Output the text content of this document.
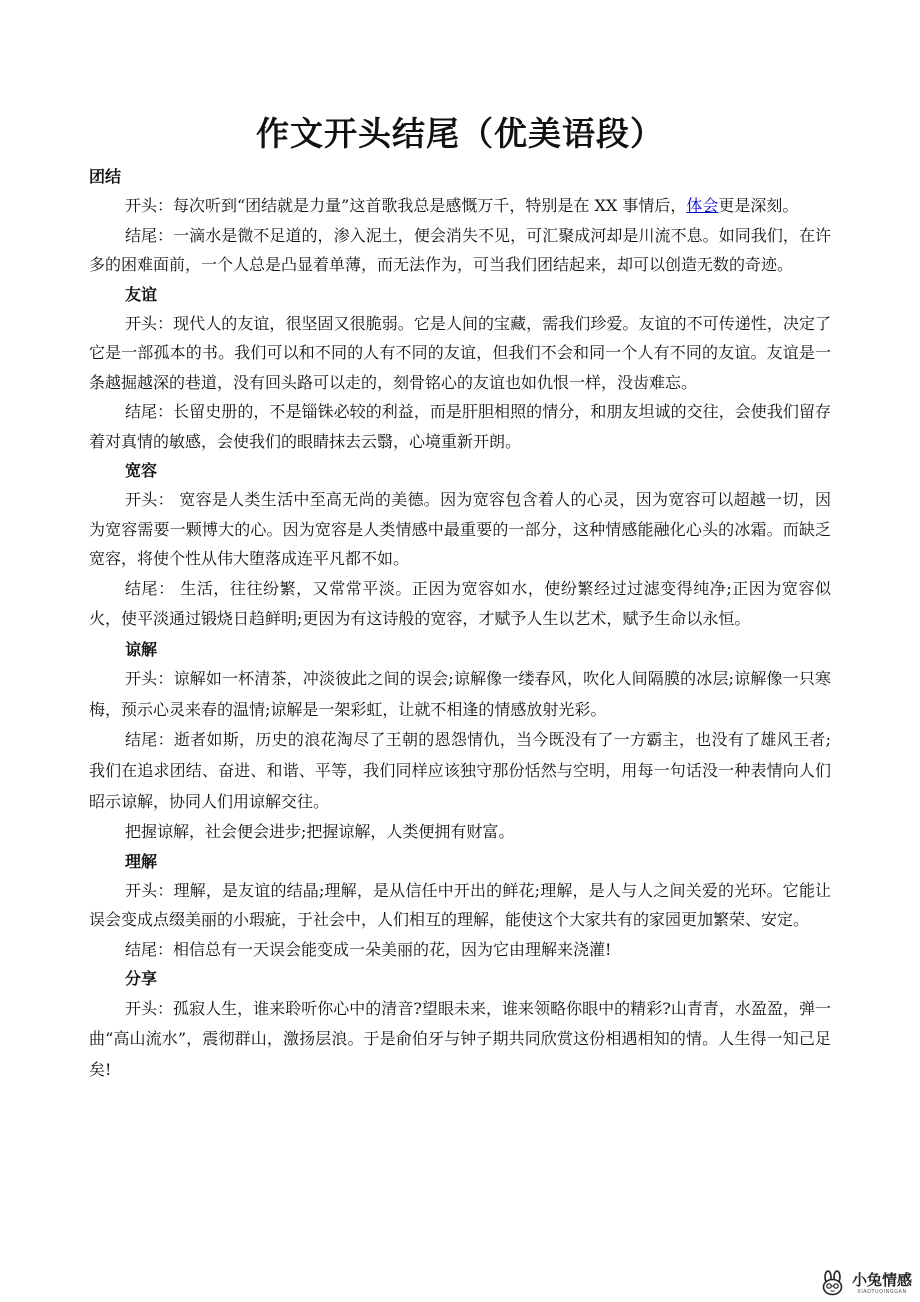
作文开头结尾（优美语段）
团结

开头：每次听到“团结就是力量”这首歌我总是感慨万千，特别是在 XX 事情后，体会更是深刻。

结尾：一滴水是微不足道的，渗入泥土，便会消失不见，可汇聚成河却是川流不息。如同我们，在许多的困难面前，一个人总是凸显着单薄，而无法作为，可当我们团结起来，却可以创造无数的奇迹。

友谊

开头：现代人的友谊，很坚固又很脆弱。它是人间的宝藏，需我们珍爱。友谊的不可传递性，决定了它是一部孤本的书。我们可以和不同的人有不同的友谊，但我们不会和同一个人有不同的友谊。友谊是一条越掘越深的巷道，没有回头路可以走的，刻骨铭心的友谊也如仇恨一样，没齿难忘。

结尾：长留史册的，不是锱铢必较的利益，而是肝胆相照的情分，和朋友坦诚的交往，会使我们留存着对真情的敏感，会使我们的眼睛抹去云翳，心境重新开朗。

宽容

开头： 宽容是人类生活中至高无尚的美德。因为宽容包含着人的心灵，因为宽容可以超越一切，因为宽容需要一颗博大的心。因为宽容是人类情感中最重要的一部分，这种情感能融化心头的冰霜。而缺乏宽容，将使个性从伟大堕落成连平凡都不如。

结尾： 生活，往往纷繁，又常常平淡。正因为宽容如水，使纷繁经过过滤变得纯净;正因为宽容似火，使平淡通过锻烧日趋鲜明;更因为有这诗般的宽容，才赋予人生以艺术，赋予生命以永恒。

谅解

开头：谅解如一杯清茶，冲淡彼此之间的误会;谅解像一缕春风，吹化人间隔膜的冰层;谅解像一只寒梅，预示心灵来春的温情;谅解是一架彩虹，让就不相逢的情感放射光彩。

结尾：逝者如斯，历史的浪花淘尽了王朝的恩怨情仇，当今既没有了一方霸主，也没有了雄风王者;我们在追求团结、奋进、和谐、平等，我们同样应该独守那份恬然与空明，用每一句话没一种表情向人们昭示谅解，协同人们用谅解交往。

把握谅解，社会便会进步;把握谅解，人类便拥有财富。

理解

开头：理解，是友谊的结晶;理解，是从信任中开出的鲜花;理解，是人与人之间关爱的光环。它能让误会变成点缀美丽的小瑕疵，于社会中，人们相互的理解，能使这个大家共有的家园更加繁荣、安定。

结尾：相信总有一天误会能变成一朵美丽的花，因为它由理解来浇灌!

分享

开头：孤寂人生，谁来聆听你心中的清音?望眼未来，谁来领略你眼中的精彩?山青青，水盈盈，弹一曲“高山流水”，震彻群山，激扬层浪。于是俞伯牙与钟子期共同欣赏这份相遇相知的情。人生得一知己足矣!

小兔情感
XIAOTUQINGGAN
